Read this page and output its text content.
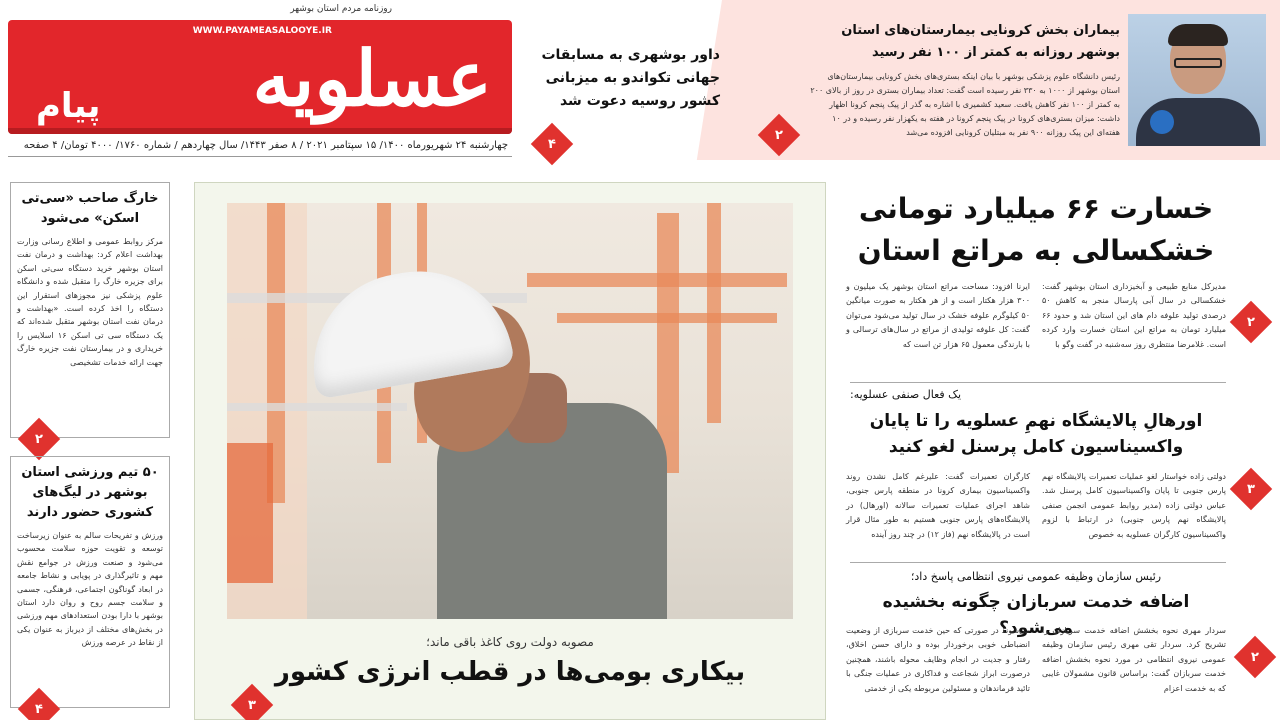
روزنامه مردم استان بوشهر
WWW.PAYAMEASALOOYE.IR
عسلویه
پیام
چهارشنبه ۲۴ شهریورماه ۱۴۰۰/ ۱۵ سپتامبر ۲۰۲۱ / ۸ صفر ۱۴۴۳/ سال چهاردهم / شماره ۱۷۶۰/ ۴۰۰۰ تومان/ ۴ صفحه
داور بوشهری به مسابقات جهانی تکواندو به میزبانی کشور روسیه دعوت شد
۴
بیماران بخش کرونایی بیمارستان‌های استان بوشهر روزانه به کمتر از ۱۰۰ نفر رسید
رئیس دانشگاه علوم پزشکی بوشهر با بیان اینکه بستری‌های بخش کرونایی بیمارستان‌های استان بوشهر از ۱۰۰۰ به ۳۳۰ نفر رسیده است گفت: تعداد بیماران بستری در روز از بالای ۲۰۰ به کمتر از ۱۰۰ نفر کاهش یافت. سعید کشمیری با اشاره به گذر از پیک پنجم کرونا اظهار داشت: میزان بستری‌های کرونا در پیک پنجم کرونا در هفته به یکهزار نفر رسیده و در ۱۰ هفته‌ای این پیک روزانه ۹۰۰ نفر به مبتلیان کرونایی افزوده می‌شد
۲
خارگ صاحب «سی‌تی اسکن» می‌شود
مرکز روابط عمومی و اطلاع رسانی وزارت بهداشت اعلام کرد: بهداشت و درمان نفت استان بوشهر خرید دستگاه سی‌تی اسکن برای جزیره خارگ را متقبل شده و دانشگاه علوم پزشکی نیز مجوزهای استقرار این دستگاه را اخذ کرده است. «بهداشت و درمان نفت استان بوشهر متقبل شده‌اند که یک دستگاه سی تی اسکن ۱۶ اسلایس را خریداری و در بیمارستان نفت جزیره خارگ جهت ارائه خدمات تشخیصی
۲
۵۰ تیم ورزشی استان بوشهر در لیگ‌های کشوری حضور دارند
ورزش و تفریحات سالم به عنوان زیرساخت توسعه و تقویت حوزه سلامت محسوب می‌شود و صنعت ورزش در جوامع نقش مهم و تاثیرگذاری در پویایی و نشاط جامعه در ابعاد گوناگون اجتماعی، فرهنگی، جسمی و سلامت جسم روح و روان دارد استان بوشهر با دارا بودن استعدادهای مهم ورزشی در بخش‌های مختلف از دیرباز به عنوان یکی از نقاط در عرصه ورزش
۴
مصوبه دولت روی کاغذ باقی ماند؛
بیکاری بومی‌ها در قطب انرژی کشور
۳
خسارت ۶۶ میلیارد تومانی خشکسالی به مراتع استان
مدیرکل منابع طبیعی و آبخیزداری استان بوشهر گفت: خشکسالی در سال آبی پارسال منجر به کاهش ۵۰ درصدی تولید علوفه دام های این استان شد و حدود ۶۶ میلیارد تومان به مراتع این استان خسارت وارد کرده است. غلامرضا منتظری روز سه‌شنبه در گفت وگو با
ایرنا افزود: مساحت مراتع استان بوشهر یک میلیون و ۳۰۰ هزار هکتار است و از هر هکتار به صورت میانگین ۵۰ کیلوگرم علوفه خشک در سال تولید می‌شود می‌توان گفت: کل علوفه تولیدی از مراتع در سال‌های ترسالی و با بارندگی معمول ۶۵ هزار تن است که
۲
یک فعال صنفی عسلویه:
اورهالِ پالایشگاه نهمِ عسلویه را تا پایان واکسیناسیون کامل پرسنل لغو کنید
دولتی زاده خواستار لغو عملیات تعمیرات پالایشگاه نهم پارس جنوبی تا پایان واکسیناسیون کامل پرسنل شد. عباس دولتی زاده (مدیر روابط عمومی انجمن صنفی پالایشگاه نهم پارس جنوبی) در ارتباط با لزوم واکسیناسیون کارگران عسلویه به خصوص
کارگران تعمیرات گفت: علیرغم کامل نشدن روند واکسیناسیون بیماری کرونا در منطقه پارس جنوبی، شاهد اجرای عملیات تعمیرات سالانه (اورهال) در پالایشگاه‌های پارس جنوبی هستیم به طور مثال قرار است در پالایشگاه نهم (فاز ۱۲) در چند روز آینده
۳
رئیس سازمان وظیفه عمومی نیروی انتظامی پاسخ داد؛
اضافه خدمت سربازان چگونه بخشیده می‌شود؟
سردار مهری نحوه بخشش اضافه خدمت سربازان را تشریح کرد. سردار تقی مهری رئیس سازمان وظیفه عمومی نیروی انتظامی در مورد نحوه بخشش اضافه خدمت سربازان گفت: براساس قانون مشمولان غایبی که به خدمت اعزام
می‌شوند در صورتی که حین خدمت سربازی از وضعیت انضباطی خوبی برخوردار بوده و دارای حسن اخلاق، رفتار و جدیت در انجام وظایف محوله باشند، همچنین درصورت ابراز شجاعت و فداکاری در عملیات جنگی با تائید فرماندهان و مسئولین مربوطه یکی از خدمتی
۲
